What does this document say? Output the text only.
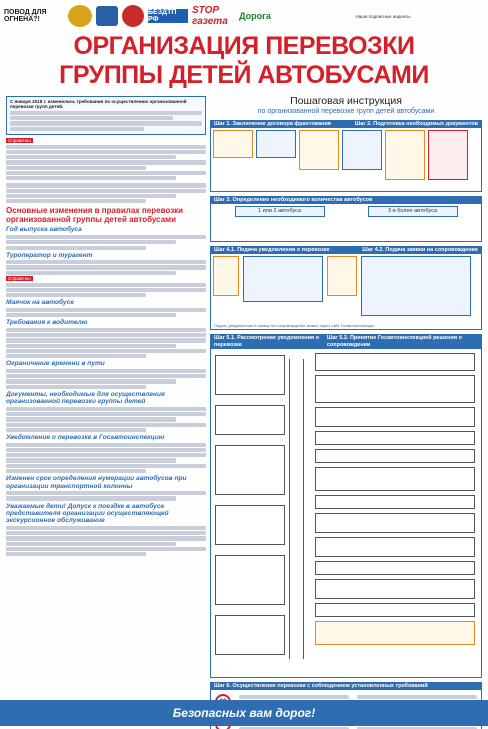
ПОВОД ДЛЯ ОГНЕНА?!
БЕЗДТП РФ
STOP газета	Дорога	Наши подписные индексы
ОРГАНИЗАЦИЯ ПЕРЕВОЗКИ
ГРУППЫ ДЕТЕЙ АВТОБУСАМИ
С января 2018 г. изменились требования по осуществлению организованной перевозки групп детей.
Справочно
Основные изменения в правилах перевозки организованной группы детей автобусами
Год выпуска автобуса
Туроператор и турагент
Справочно
Маячок на автобусе
Требования к водителю
Ограничение времени в пути
Документы, необходимые для осуществления организованной перевозки группы детей
Уведомление о перевозке в Госавтоинспекцию
Изменен срок определения нумерации автобусов при организации транспортной колонны
Уважаемые дети! Допуск к поездке в автобусе представителя организации осуществляющей экскурсионное обслуживание
Пошаговая инструкция
по организованной перевозке групп детей автобусами
Шаг 1. Заключение договора фрахтования	Шаг 2. Подготовка необходимых документов
Шаг 3. Определение необходимого количества автобусов
1 или 2 автобуса	3 и более автобуса
Шаг 4.1. Подача уведомления о перевозке	Шаг 4.2. Подача заявки на сопровождение
Подать уведомление в заявку на сопровождение можно через сайт Госавтоинспекции
Шаг 5.1. Рассмотрение уведомления о перевозке
Шаг 5.2. Принятие Госавтоинспекцией решения о сопровождении
Шаг 6. Осуществление перевозки с соблюдением установленных требований
Безопасных вам дорог!
